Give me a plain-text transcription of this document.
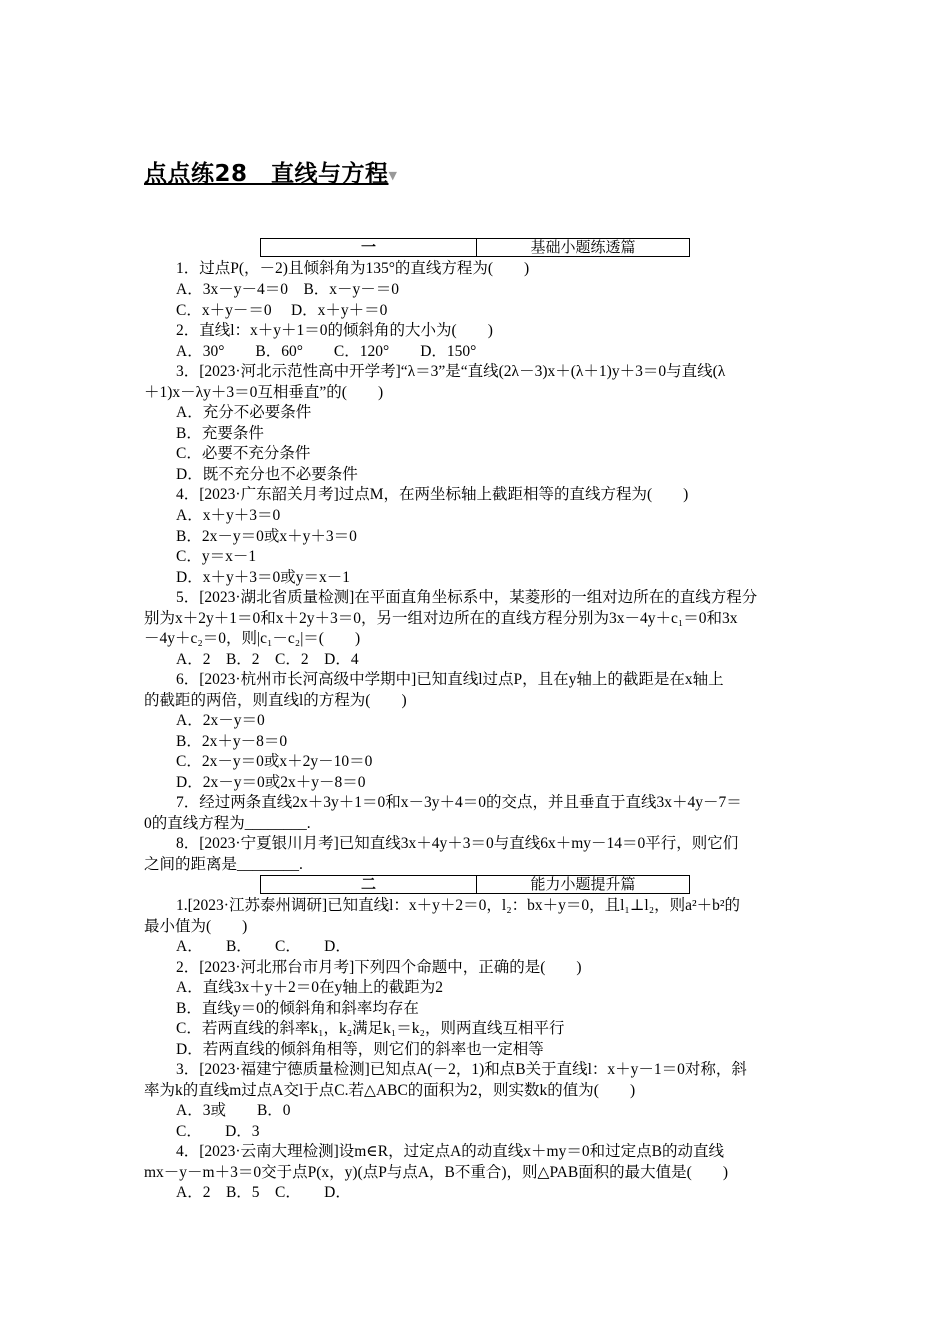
点点练28　直线与方程▼
一	基础小题练透篇
1．过点P(，－2)且倾斜角为135°的直线方程为(　　)
A．3x－y－4＝0　B．x－y－＝0
C．x＋y－＝0　 D．x＋y＋＝0
2．直线l：x＋y＋1＝0的倾斜角的大小为(　　)
A．30°　　B．60°　　C．120°　　D．150°
3．[2023·河北示范性高中开学考]“λ＝3”是“直线(2λ－3)x＋(λ＋1)y＋3＝0与直线(λ
＋1)x－λy＋3＝0互相垂直”的(　　)
A．充分不必要条件
B．充要条件
C．必要不充分条件
D．既不充分也不必要条件
4．[2023·广东韶关月考]过点M，在两坐标轴上截距相等的直线方程为(　　)
A．x＋y＋3＝0
B．2x－y＝0或x＋y＋3＝0
C．y＝x－1
D．x＋y＋3＝0或y＝x－1
5．[2023·湖北省质量检测]在平面直角坐标系中，某菱形的一组对边所在的直线方程分
别为x＋2y＋1＝0和x＋2y＋3＝0，另一组对边所在的直线方程分别为3x－4y＋c₁＝0和3x
－4y＋c₂＝0，则|c₁－c₂|＝(　　)
A．2　B．2　C．2　D．4
6．[2023·杭州市长河高级中学期中]已知直线l过点P，且在y轴上的截距是在x轴上
的截距的两倍，则直线l的方程为(　　)
A．2x－y＝0
B．2x＋y－8＝0
C．2x－y＝0或x＋2y－10＝0
D．2x－y＝0或2x＋y－8＝0
7．经过两条直线2x＋3y＋1＝0和x－3y＋4＝0的交点，并且垂直于直线3x＋4y－7＝
0的直线方程为________.
8．[2023·宁夏银川月考]已知直线3x＋4y＋3＝0与直线6x＋my－14＝0平行，则它们
之间的距离是________.
二	能力小题提升篇
1.[2023·江苏泰州调研]已知直线l：x＋y＋2＝0，l₂：bx＋y＝0，且l₁⊥l₂，则a²＋b²的
最小值为(　　)
A．　　B．　　C．　　D．
2．[2023·河北邢台市月考]下列四个命题中，正确的是(　　)
A．直线3x＋y＋2＝0在y轴上的截距为2
B．直线y＝0的倾斜角和斜率均存在
C．若两直线的斜率k₁，k₂满足k₁＝k₂，则两直线互相平行
D．若两直线的倾斜角相等，则它们的斜率也一定相等
3．[2023·福建宁德质量检测]已知点A(－2，1)和点B关于直线l：x＋y－1＝0对称，斜
率为k的直线m过点A交l于点C.若△ABC的面积为2，则实数k的值为(　　)
A．3或　　B．0
C．　　D．3
4．[2023·云南大理检测]设m∈R，过定点A的动直线x＋my＝0和过定点B的动直线
mx－y－m＋3＝0交于点P(x，y)(点P与点A，B不重合)，则△PAB面积的最大值是(　　)
A．2　B．5　C．　　D．
